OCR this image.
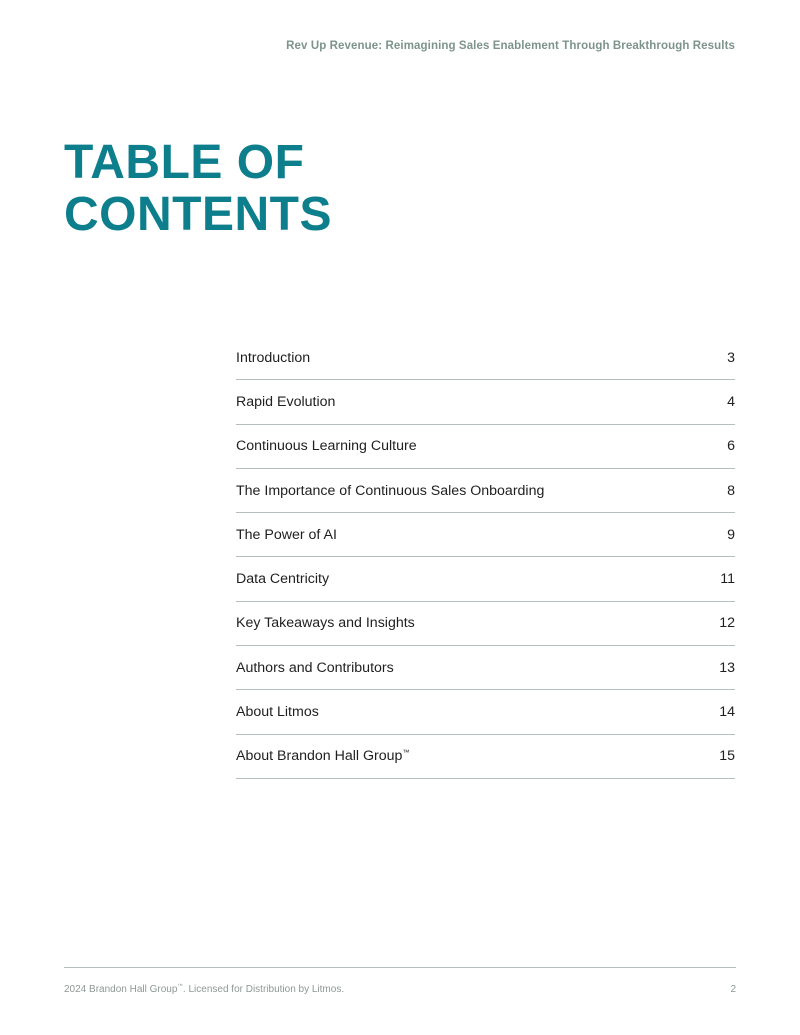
Rev Up Revenue: Reimagining Sales Enablement Through Breakthrough Results
TABLE OF
CONTENTS
Introduction	3
Rapid Evolution	4
Continuous Learning Culture	6
The Importance of Continuous Sales Onboarding	8
The Power of AI	9
Data Centricity	11
Key Takeaways and Insights	12
Authors and Contributors	13
About Litmos	14
About Brandon Hall Group™	15
2024 Brandon Hall Group™. Licensed for Distribution by Litmos.	2
